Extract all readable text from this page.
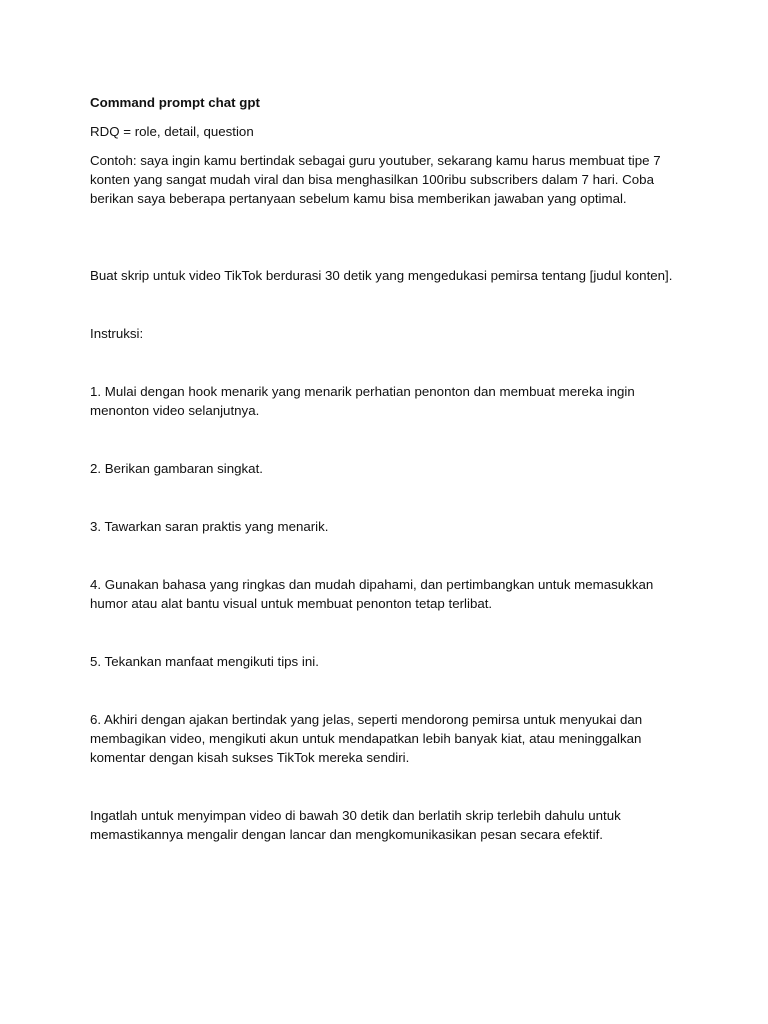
Command prompt chat gpt

RDQ = role, detail, question

Contoh: saya ingin kamu bertindak sebagai guru youtuber, sekarang kamu harus membuat tipe 7 konten yang sangat mudah viral dan bisa menghasilkan 100ribu subscribers dalam 7 hari. Coba berikan saya beberapa pertanyaan sebelum kamu bisa memberikan jawaban yang optimal.

Buat skrip untuk video TikTok berdurasi 30 detik yang mengedukasi pemirsa tentang [judul konten].

Instruksi:

1. Mulai dengan hook menarik yang menarik perhatian penonton dan membuat mereka ingin menonton video selanjutnya.

2. Berikan gambaran singkat.

3. Tawarkan saran praktis yang menarik.

4. Gunakan bahasa yang ringkas dan mudah dipahami, dan pertimbangkan untuk memasukkan humor atau alat bantu visual untuk membuat penonton tetap terlibat.

5. Tekankan manfaat mengikuti tips ini.

6. Akhiri dengan ajakan bertindak yang jelas, seperti mendorong pemirsa untuk menyukai dan membagikan video, mengikuti akun untuk mendapatkan lebih banyak kiat, atau meninggalkan komentar dengan kisah sukses TikTok mereka sendiri.

Ingatlah untuk menyimpan video di bawah 30 detik dan berlatih skrip terlebih dahulu untuk memastikannya mengalir dengan lancar dan mengkomunikasikan pesan secara efektif.
